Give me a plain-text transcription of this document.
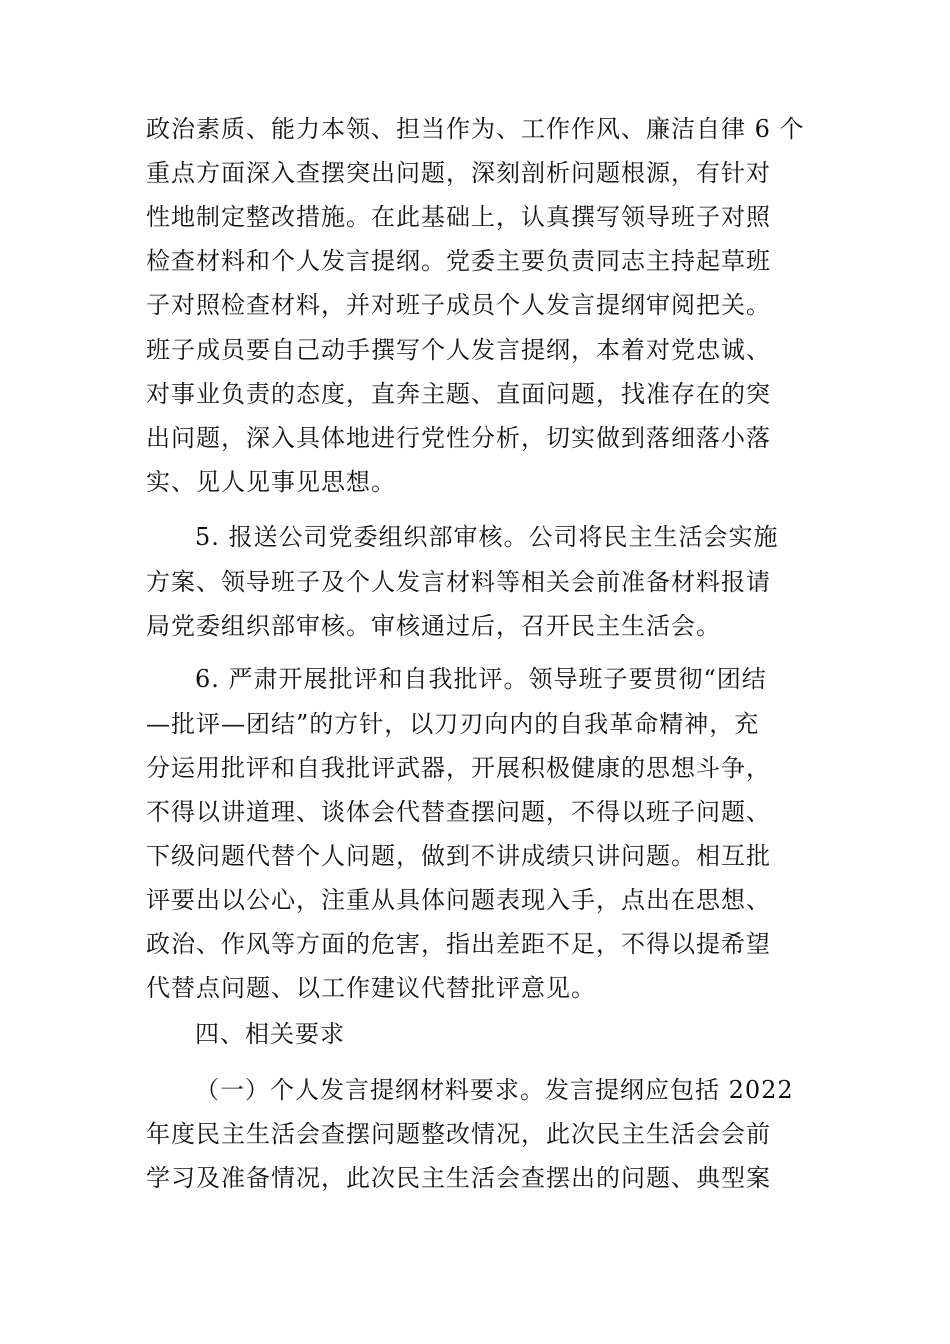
政治素质、能力本领、担当作为、工作作风、廉洁自律 6 个
重点方面深入查摆突出问题，深刻剖析问题根源，有针对
性地制定整改措施。在此基础上，认真撰写领导班子对照
检查材料和个人发言提纲。党委主要负责同志主持起草班
子对照检查材料，并对班子成员个人发言提纲审阅把关。
班子成员要自己动手撰写个人发言提纲，本着对党忠诚、
对事业负责的态度，直奔主题、直面问题，找准存在的突
出问题，深入具体地进行党性分析，切实做到落细落小落
实、见人见事见思想。
5. 报送公司党委组织部审核。公司将民主生活会实施
方案、领导班子及个人发言材料等相关会前准备材料报请
局党委组织部审核。审核通过后，召开民主生活会。
6. 严肃开展批评和自我批评。领导班子要贯彻“团结
—批评—团结”的方针，以刀刃向内的自我革命精神，充
分运用批评和自我批评武器，开展积极健康的思想斗争，
不得以讲道理、谈体会代替查摆问题，不得以班子问题、
下级问题代替个人问题，做到不讲成绩只讲问题。相互批
评要出以公心，注重从具体问题表现入手，点出在思想、
政治、作风等方面的危害，指出差距不足，不得以提希望
代替点问题、以工作建议代替批评意见。
四、相关要求
（一）个人发言提纲材料要求。发言提纲应包括 2022
年度民主生活会查摆问题整改情况，此次民主生活会会前
学习及准备情况，此次民主生活会查摆出的问题、典型案
